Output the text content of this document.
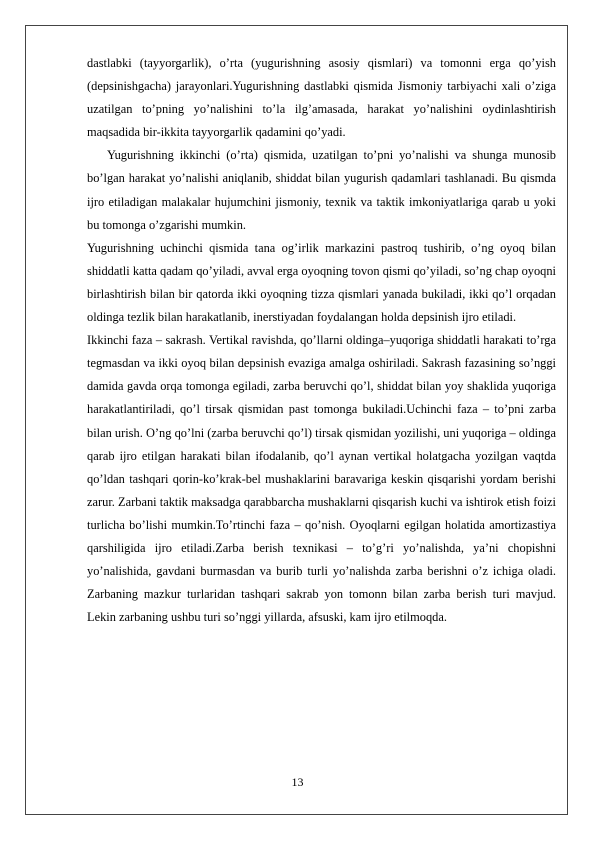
dastlabki (tayyorgarlik), o’rta (yugurishning asosiy qismlari) va tomonni erga qo’yish (depsinishgacha) jarayonlari.Yugurishning dastlabki qismida Jismoniy tarbiyachi xali o’ziga uzatilgan to’pning yo’nalishini to’la ilg’amasada, harakat yo’nalishini oydinlashtirish maqsadida bir-ikkita tayyorgarlik qadamini qo’yadi.

Yugurishning ikkinchi (o’rta) qismida, uzatilgan to’pni yo’nalishi va shunga munosib bo’lgan harakat yo’nalishi aniqlanib, shiddat bilan yugurish qadamlari tashlanadi. Bu qismda ijro etiladigan malakalar hujumchini jismoniy, texnik va taktik imkoniyatlariga qarab u yoki bu tomonga o’zgarishi mumkin.

Yugurishning uchinchi qismida tana og’irlik markazini pastroq tushirib, o’ng oyoq bilan shiddatli katta qadam qo’yiladi, avval erga oyoqning tovon qismi qo’yiladi, so’ng chap oyoqni birlashtirish bilan bir qatorda ikki oyoqning tizza qismlari yanada bukiladi, ikki qo’l orqadan oldinga tezlik bilan harakatlanib, inerstiyadan foydalangan holda depsinish ijro etiladi.

Ikkinchi faza – sakrash. Vertikal ravishda, qo’llarni oldinga–yuqoriga shiddatli harakati to’rga tegmasdan va ikki oyoq bilan depsinish evaziga amalga oshiriladi. Sakrash fazasining so’nggi damida gavda orqa tomonga egiladi, zarba beruvchi qo’l, shiddat bilan yoy shaklida yuqoriga harakatlantiriladi, qo’l tirsak qismidan past tomonga bukiladi.Uchinchi faza – to’pni zarba bilan urish. O’ng qo’lni (zarba beruvchi qo’l) tirsak qismidan yozilishi, uni yuqoriga – oldinga qarab ijro etilgan harakati bilan ifodalanib, qo’l aynan vertikal holatgacha yozilgan vaqtda qo’ldan tashqari qorin-ko’krak-bel mushaklarini baravariga keskin qisqarishi yordam berishi zarur. Zarbani taktik maksadga qarabbarcha mushaklarni qisqarish kuchi va ishtirok etish foizi turlicha bo’lishi mumkin.To’rtinchi faza – qo’nish. Oyoqlarni egilgan holatida amortizastiya qarshiligida ijro etiladi.Zarba berish texnikasi – to’g’ri yo’nalishda, ya’ni chopishni yo’nalishida, gavdani burmasdan va burib turli yo’nalishda zarba berishni o’z ichiga oladi. Zarbaning mazkur turlaridan tashqari sakrab yon tomonn bilan zarba berish turi mavjud. Lekin zarbaning ushbu turi so’nggi yillarda, afsuski, kam ijro etilmoqda.

13
